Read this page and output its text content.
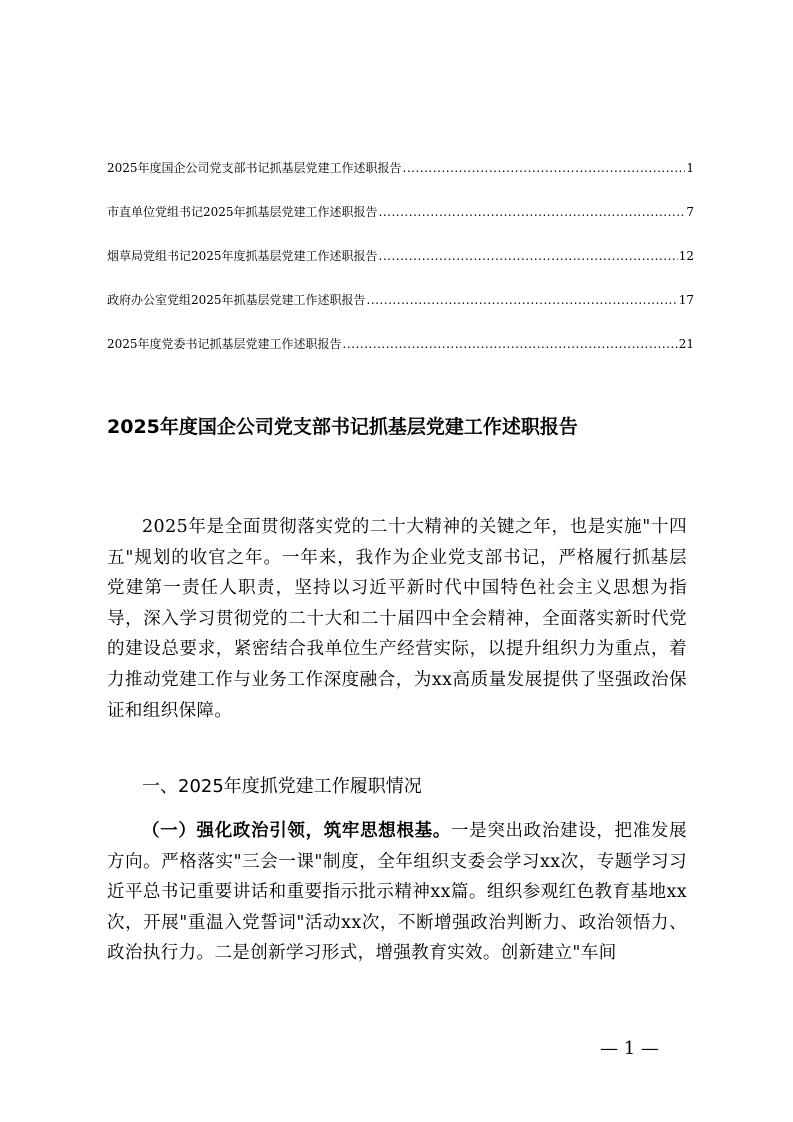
2025年度国企公司党支部书记抓基层党建工作述职报告 .....	1
市直单位党组书记2025年抓基层党建工作述职报告 .....	7
烟草局党组书记2025年度抓基层党建工作述职报告 .....	12
政府办公室党组2025年抓基层党建工作述职报告 .....	17
2025年度党委书记抓基层党建工作述职报告 .....	21
2025年度国企公司党支部书记抓基层党建工作述职报告

2025年是全面贯彻落实党的二十大精神的关键之年，也是实施"十四五"规划的收官之年。一年来，我作为企业党支部书记，严格履行抓基层党建第一责任人职责，坚持以习近平新时代中国特色社会主义思想为指导，深入学习贯彻党的二十大和二十届四中全会精神，全面落实新时代党的建设总要求，紧密结合我单位生产经营实际，以提升组织力为重点，着力推动党建工作与业务工作深度融合，为xx高质量发展提供了坚强政治保证和组织保障。

一、2025年度抓党建工作履职情况

（一）强化政治引领，筑牢思想根基。一是突出政治建设，把准发展方向。严格落实"三会一课"制度，全年组织支委会学习xx次，专题学习习近平总书记重要讲话和重要指示批示精神xx篇。组织参观红色教育基地xx次，开展"重温入党誓词"活动xx次，不断增强政治判断力、政治领悟力、政治执行力。二是创新学习形式，增强教育实效。创新建立"车间

— 1 —
